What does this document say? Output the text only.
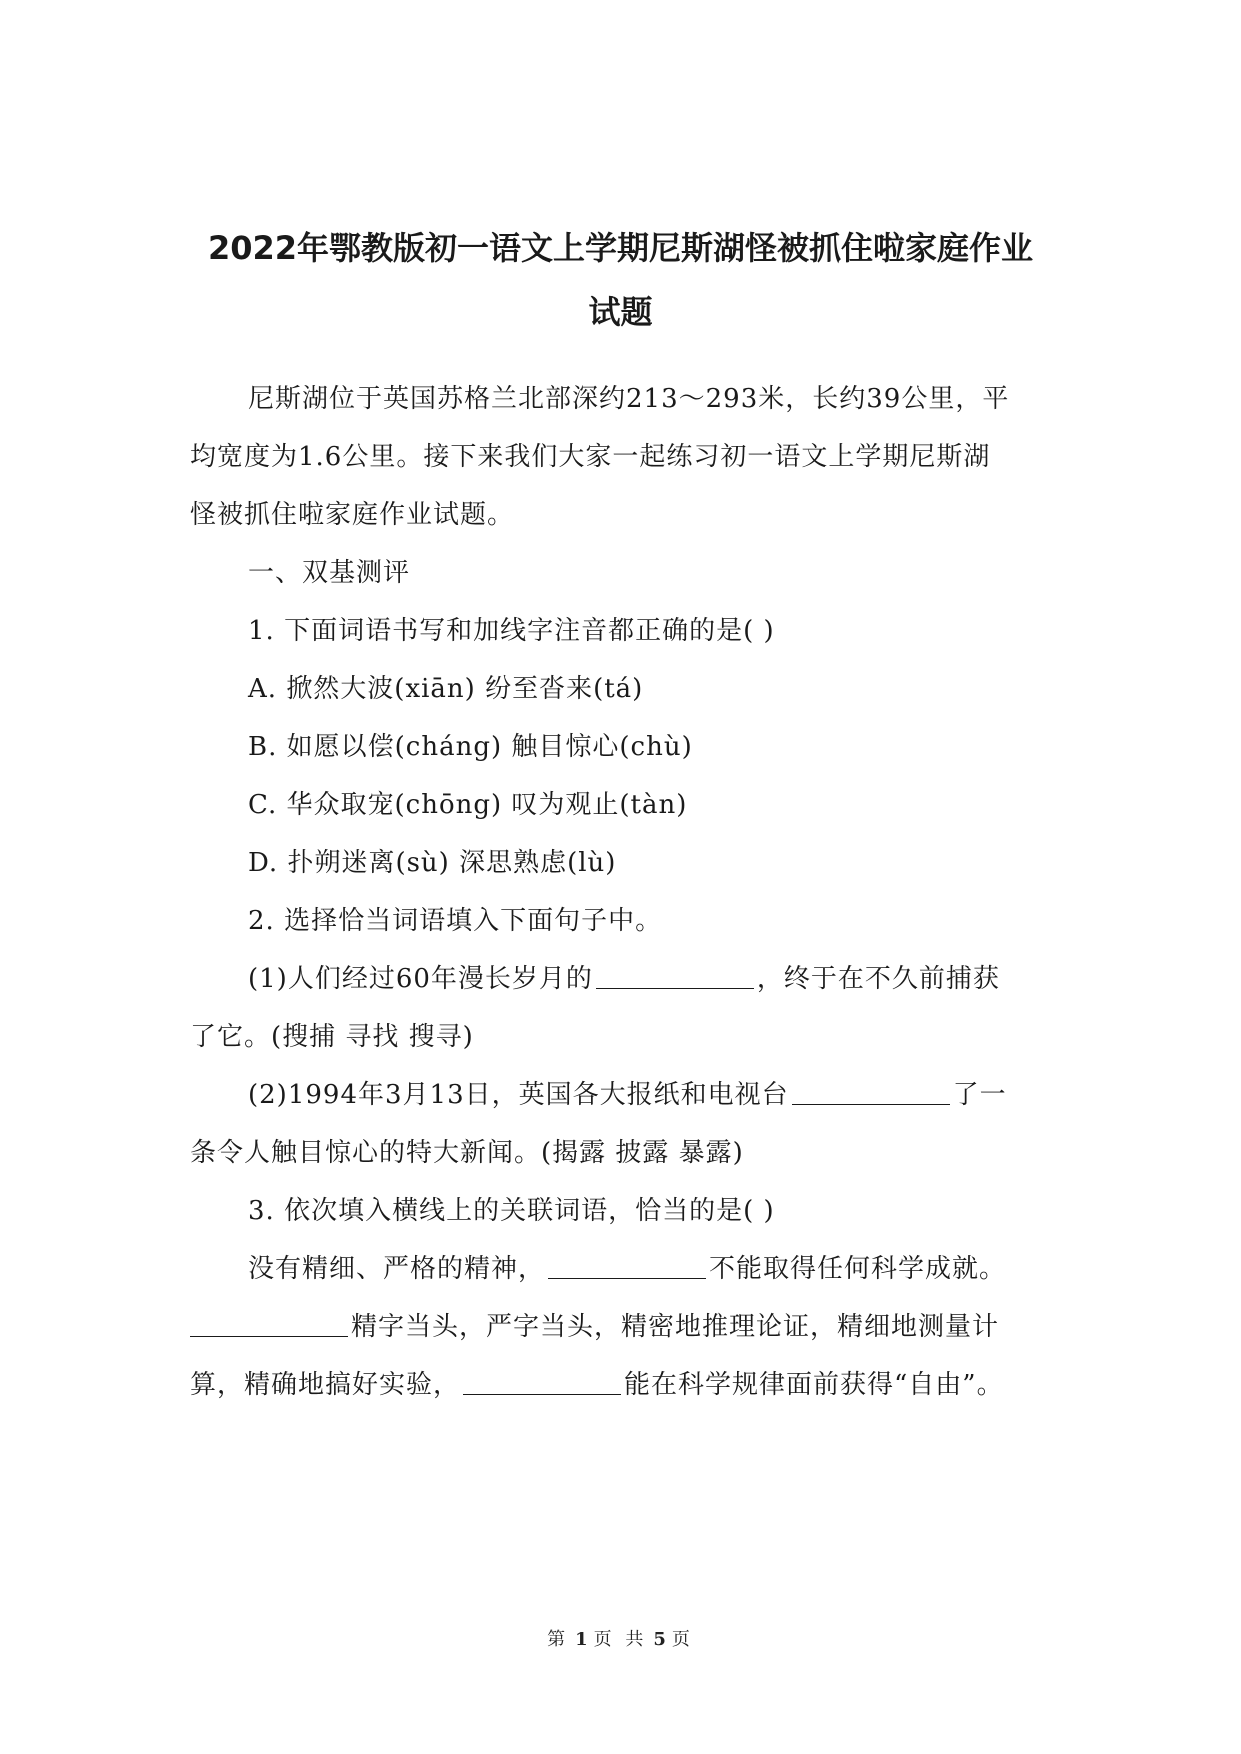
2022年鄂教版初一语文上学期尼斯湖怪被抓住啦家庭作业
试题

尼斯湖位于英国苏格兰北部深约213～293米，长约39公里，平

均宽度为1.6公里。接下来我们大家一起练习初一语文上学期尼斯湖

怪被抓住啦家庭作业试题。

一、双基测评

1. 下面词语书写和加线字注音都正确的是( )

A. 掀然大波(xiān) 纷至沓来(tá)

B. 如愿以偿(cháng) 触目惊心(chù)

C. 华众取宠(chōng) 叹为观止(tàn)

D. 扑朔迷离(sù) 深思熟虑(lù)

2. 选择恰当词语填入下面句子中。

(1)人们经过60年漫长岁月的	，终于在不久前捕获

了它。(搜捕 寻找 搜寻)

(2)1994年3月13日，英国各大报纸和电视台	了一

条令人触目惊心的特大新闻。(揭露 披露 暴露)

3. 依次填入横线上的关联词语，恰当的是( )

没有精细、严格的精神，	不能取得任何科学成就。

精字当头，严字当头，精密地推理论证，精细地测量计

算，精确地搞好实验，	能在科学规律面前获得“自由”。

第 1 页 共 5 页
